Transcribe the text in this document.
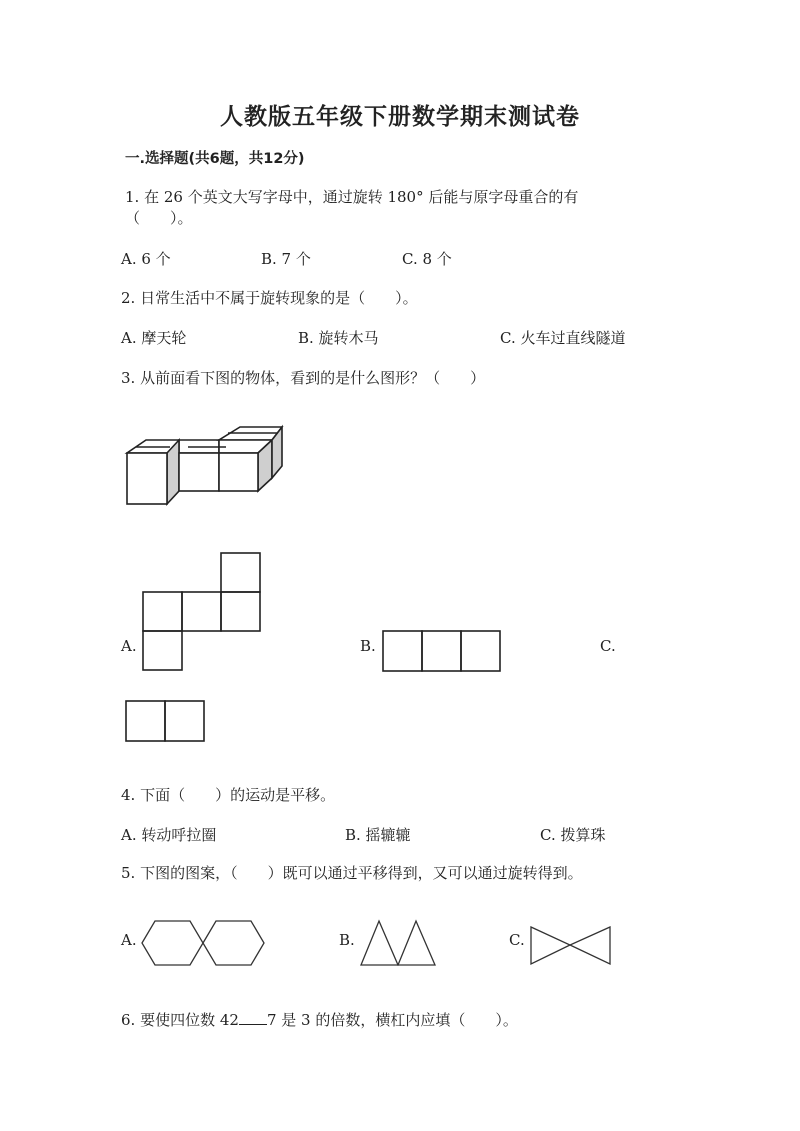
人教版五年级下册数学期末测试卷
一.选择题(共6题，共12分)
1. 在 26 个英文大写字母中，通过旋转 180° 后能与原字母重合的有
（　　）。
A. 6 个	B. 7 个	C. 8 个
2. 日常生活中不属于旋转现象的是（　　）。
A. 摩天轮	B. 旋转木马	C. 火车过直线隧道
3. 从前面看下图的物体，看到的是什么图形？（　　）
A.	B.	C.
4. 下面（　　）的运动是平移。
A. 转动呼拉圈	B. 摇辘辘	C. 拨算珠
5. 下图的图案，（　　）既可以通过平移得到，又可以通过旋转得到。
A.	B.	C.
6. 要使四位数 42 7 是 3 的倍数，横杠内应填（　　）。
